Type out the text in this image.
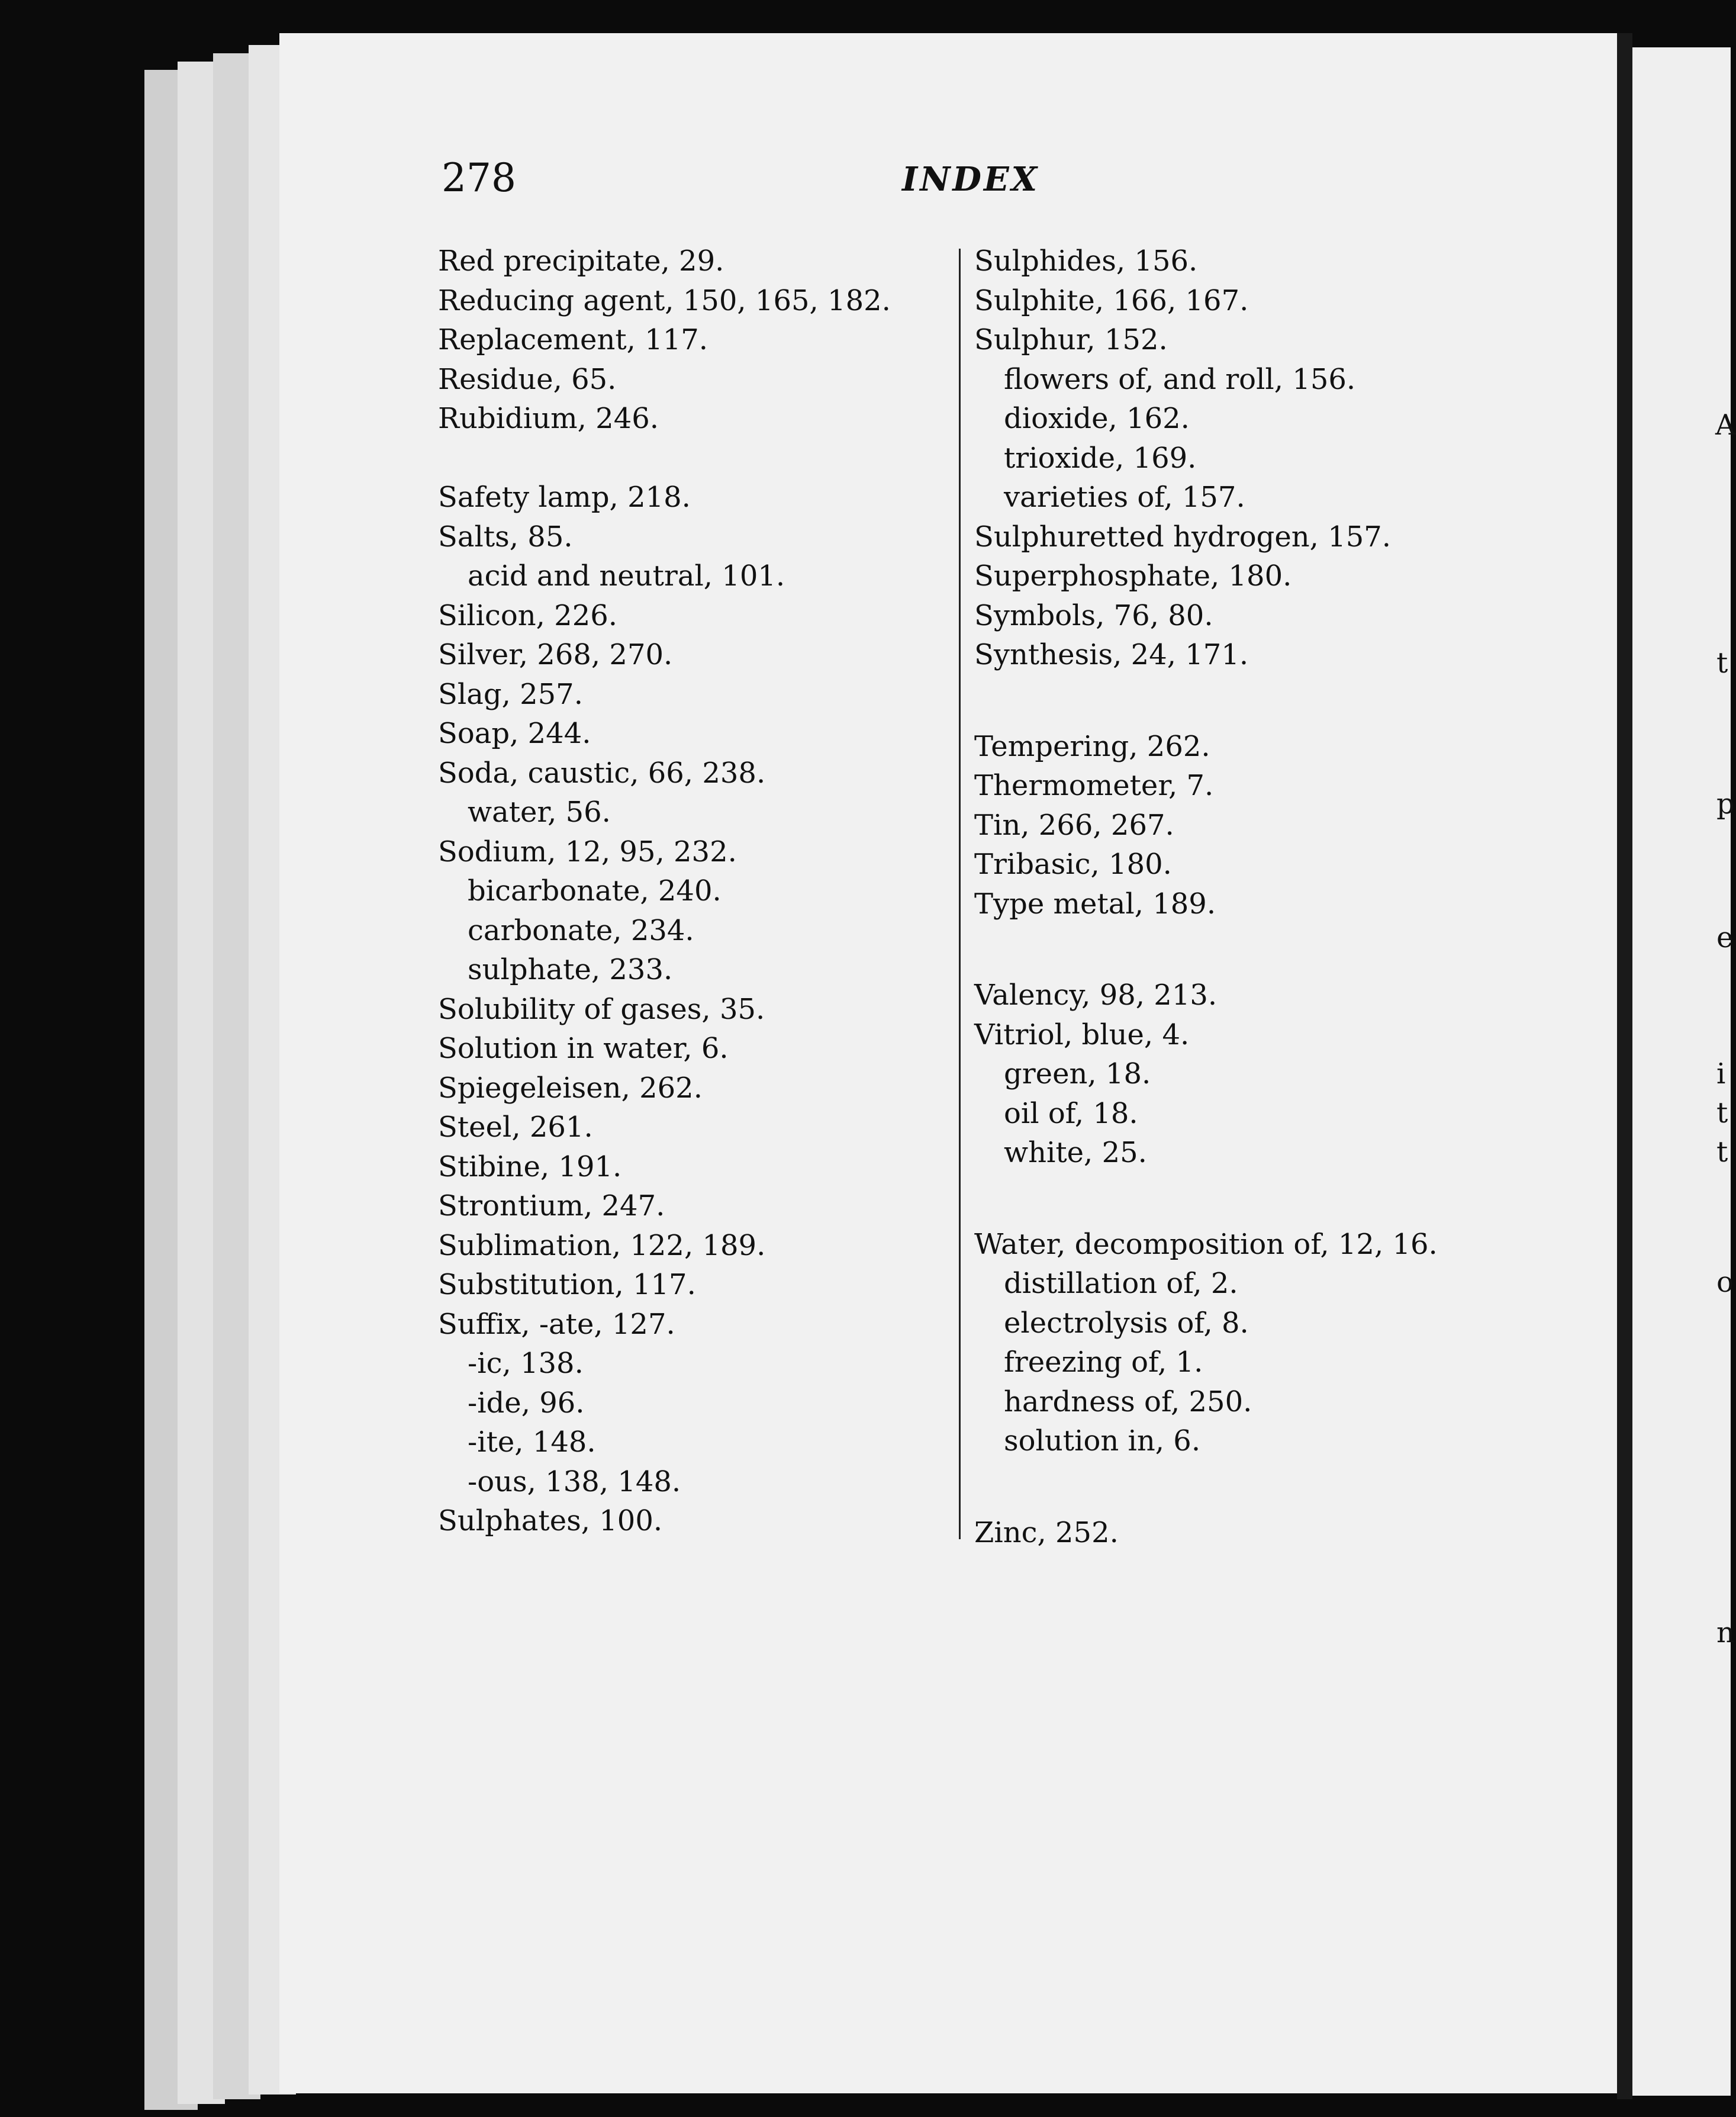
278	INDEX
Red precipitate, 29.
Reducing agent, 150, 165, 182.
Replacement, 117.
Residue, 65.
Rubidium, 246.
Safety lamp, 218.
Salts, 85.
acid and neutral, 101.
Silicon, 226.
Silver, 268, 270.
Slag, 257.
Soap, 244.
Soda, caustic, 66, 238.
water, 56.
Sodium, 12, 95, 232.
bicarbonate, 240.
carbonate, 234.
sulphate, 233.
Solubility of gases, 35.
Solution in water, 6.
Spiegeleisen, 262.
Steel, 261.
Stibine, 191.
Strontium, 247.
Sublimation, 122, 189.
Substitution, 117.
Suffix, -ate, 127.
-ic, 138.
-ide, 96.
-ite, 148.
-ous, 138, 148.
Sulphates, 100.
Sulphides, 156.
Sulphite, 166, 167.
Sulphur, 152.
flowers of, and roll, 156.
dioxide, 162.
trioxide, 169.
varieties of, 157.
Sulphuretted hydrogen, 157.
Superphosphate, 180.
Symbols, 76, 80.
Synthesis, 24, 171.
Tempering, 262.
Thermometer, 7.
Tin, 266, 267.
Tribasic, 180.
Type metal, 189.
Valency, 98, 213.
Vitriol, blue, 4.
green, 18.
oil of, 18.
white, 25.
Water, decomposition of, 12, 16.
distillation of, 2.
electrolysis of, 8.
freezing of, 1.
hardness of, 250.
solution in, 6.
Zinc, 252.
A
t
p
e
i
t
t
o
n
